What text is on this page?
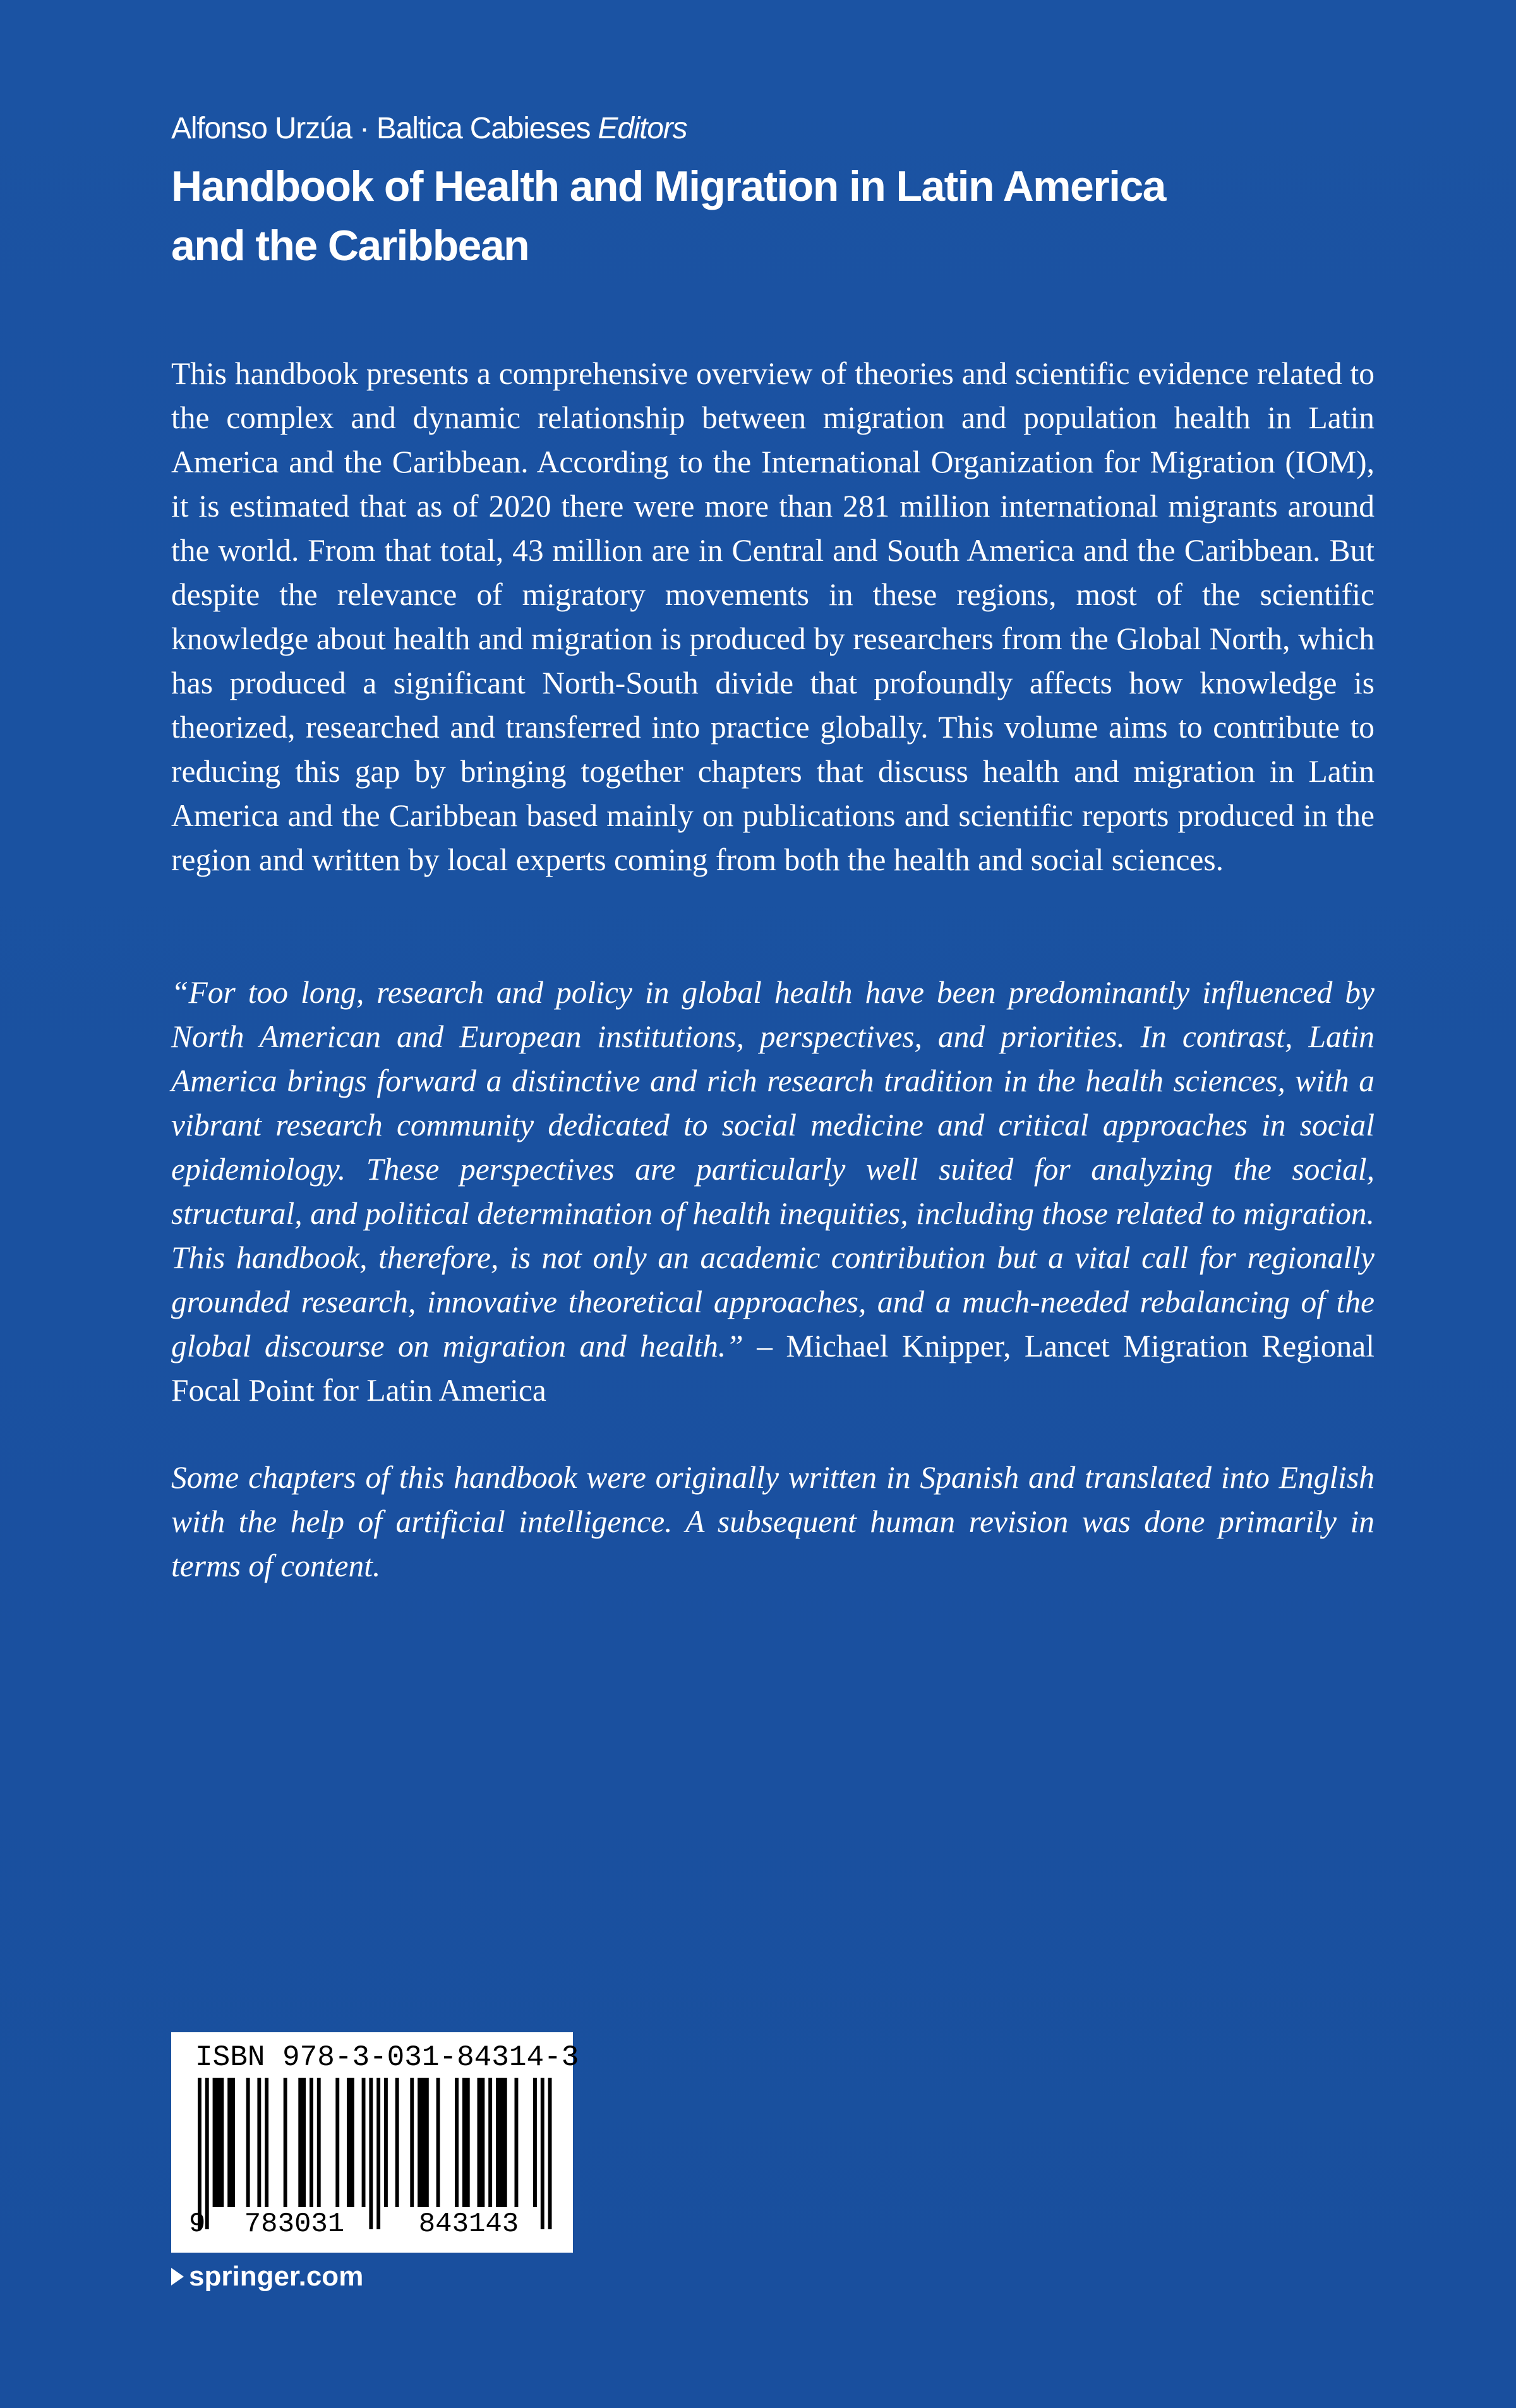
Alfonso Urzúa · Baltica Cabieses Editors
Handbook of Health and Migration in Latin America and the Caribbean

This handbook presents a comprehensive overview of theories and scientific evidence related to the complex and dynamic relationship between migration and population health in Latin America and the Caribbean. According to the International Organization for Migration (IOM), it is estimated that as of 2020 there were more than 281 million international migrants around the world. From that total, 43 million are in Central and South America and the Caribbean. But despite the relevance of migratory movements in these regions, most of the scientific knowledge about health and migration is produced by researchers from the Global North, which has produced a significant North-South divide that profoundly affects how knowledge is theorized, researched and transferred into practice globally. This volume aims to contribute to reducing this gap by bringing together chapters that discuss health and migration in Latin America and the Caribbean based mainly on publications and scientific reports produced in the region and written by local experts coming from both the health and social sciences.

“For too long, research and policy in global health have been predominantly influenced by North American and European institutions, perspectives, and priorities. In contrast, Latin America brings forward a distinctive and rich research tradition in the health sciences, with a vibrant research community dedicated to social medicine and critical approaches in social epidemiology. These perspectives are particularly well suited for analyzing the social, structural, and political determination of health inequities, including those related to migration. This handbook, therefore, is not only an academic contribution but a vital call for regionally grounded research, innovative theoretical approaches, and a much-needed rebalancing of the global discourse on migration and health.” – Michael Knipper, Lancet Migration Regional Focal Point for Latin America

Some chapters of this handbook were originally written in Spanish and translated into English with the help of artificial intelligence. A subsequent human revision was done primarily in terms of content.

ISBN 978-3-031-84314-3
9	783031	843143
springer.com
